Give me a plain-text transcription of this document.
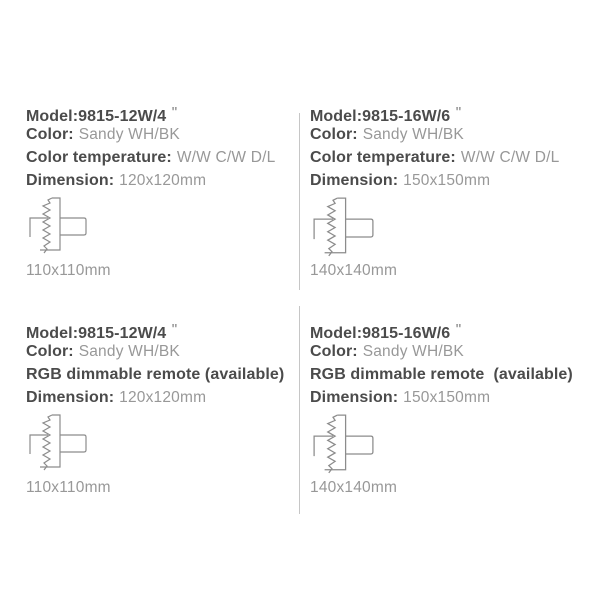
Model:9815-12W/4 "
Color: Sandy WH/BK
Color temperature: W/W C/W D/L
Dimension: 120x120mm
110x110mm
Model:9815-16W/6 "
Color: Sandy WH/BK
Color temperature: W/W C/W D/L
Dimension: 150x150mm
140x140mm
Model:9815-12W/4 "
Color: Sandy WH/BK
RGB dimmable remote (available)
Dimension: 120x120mm
110x110mm
Model:9815-16W/6 "
Color: Sandy WH/BK
RGB dimmable remote  (available)
Dimension: 150x150mm
140x140mm
